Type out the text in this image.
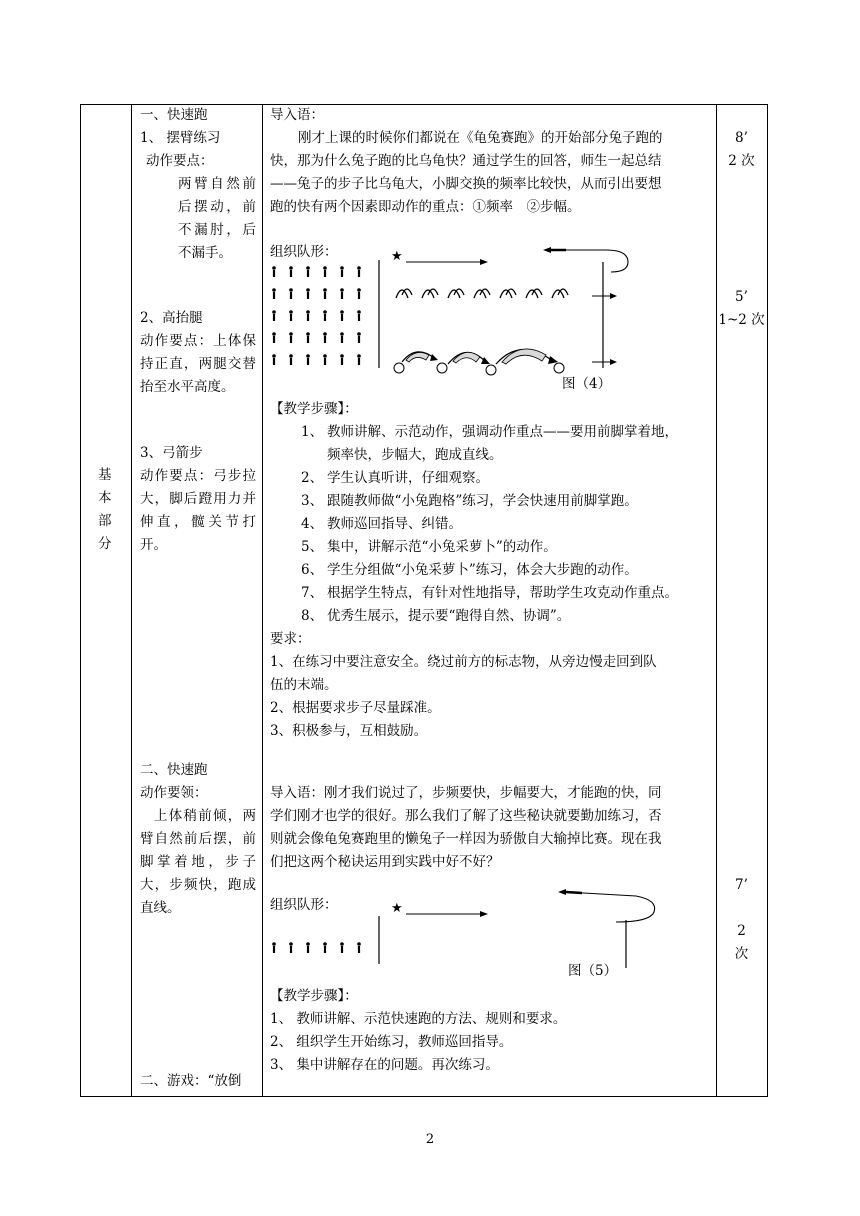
基
本
部
分
一、快速跑
1、 摆臂练习
动作要点：
两臂自然前
后摆动，前
不漏肘，后
不漏手。
2、高抬腿
动作要点：上体保
持正直，两腿交替
抬至水平高度。
3、弓箭步
动作要点：弓步拉
大，脚后蹬用力并
伸直，髋关节打
开。
二、快速跑
动作要领：
上体稍前倾，两
臂自然前后摆，前
脚掌着地，步子
大，步频快，跑成
直线。
二、游戏：“放倒
导入语：
刚才上课的时候你们都说在《龟兔赛跑》的开始部分兔子跑的
快，那为什么兔子跑的比乌龟快？通过学生的回答，师生一起总结
——兔子的步子比乌龟大，小脚交换的频率比较快，从而引出要想
跑的快有两个因素即动作的重点：①频率　②步幅。
组织队形：	★
图（4）
【教学步骤】：
1、 教师讲解、示范动作，强调动作重点——要用前脚掌着地，
频率快，步幅大，跑成直线。
2、 学生认真听讲，仔细观察。
3、 跟随教师做“小兔跑格”练习，学会快速用前脚掌跑。
4、 教师巡回指导、纠错。
5、 集中，讲解示范“小兔采萝卜”的动作。
6、 学生分组做“小兔采萝卜”练习，体会大步跑的动作。
7、 根据学生特点，有针对性地指导，帮助学生攻克动作重点。
8、 优秀生展示，提示要“跑得自然、协调”。
要求：
1、在练习中要注意安全。绕过前方的标志物，从旁边慢走回到队
伍的末端。
2、根据要求步子尽量踩准。
3、积极参与，互相鼓励。
导入语：刚才我们说过了，步频要快，步幅要大，才能跑的快，同
学们刚才也学的很好。那么我们了解了这些秘诀就要勤加练习，否
则就会像龟兔赛跑里的懒兔子一样因为骄傲自大输掉比赛。现在我
们把这两个秘诀运用到实践中好不好？
组织队形：	★
图（5）
【教学步骤】：
1、 教师讲解、示范快速跑的方法、规则和要求。
2、 组织学生开始练习，教师巡回指导。
3、 集中讲解存在的问题。再次练习。
8’
2 次
5’
1~2 次
7’
2
次
2
